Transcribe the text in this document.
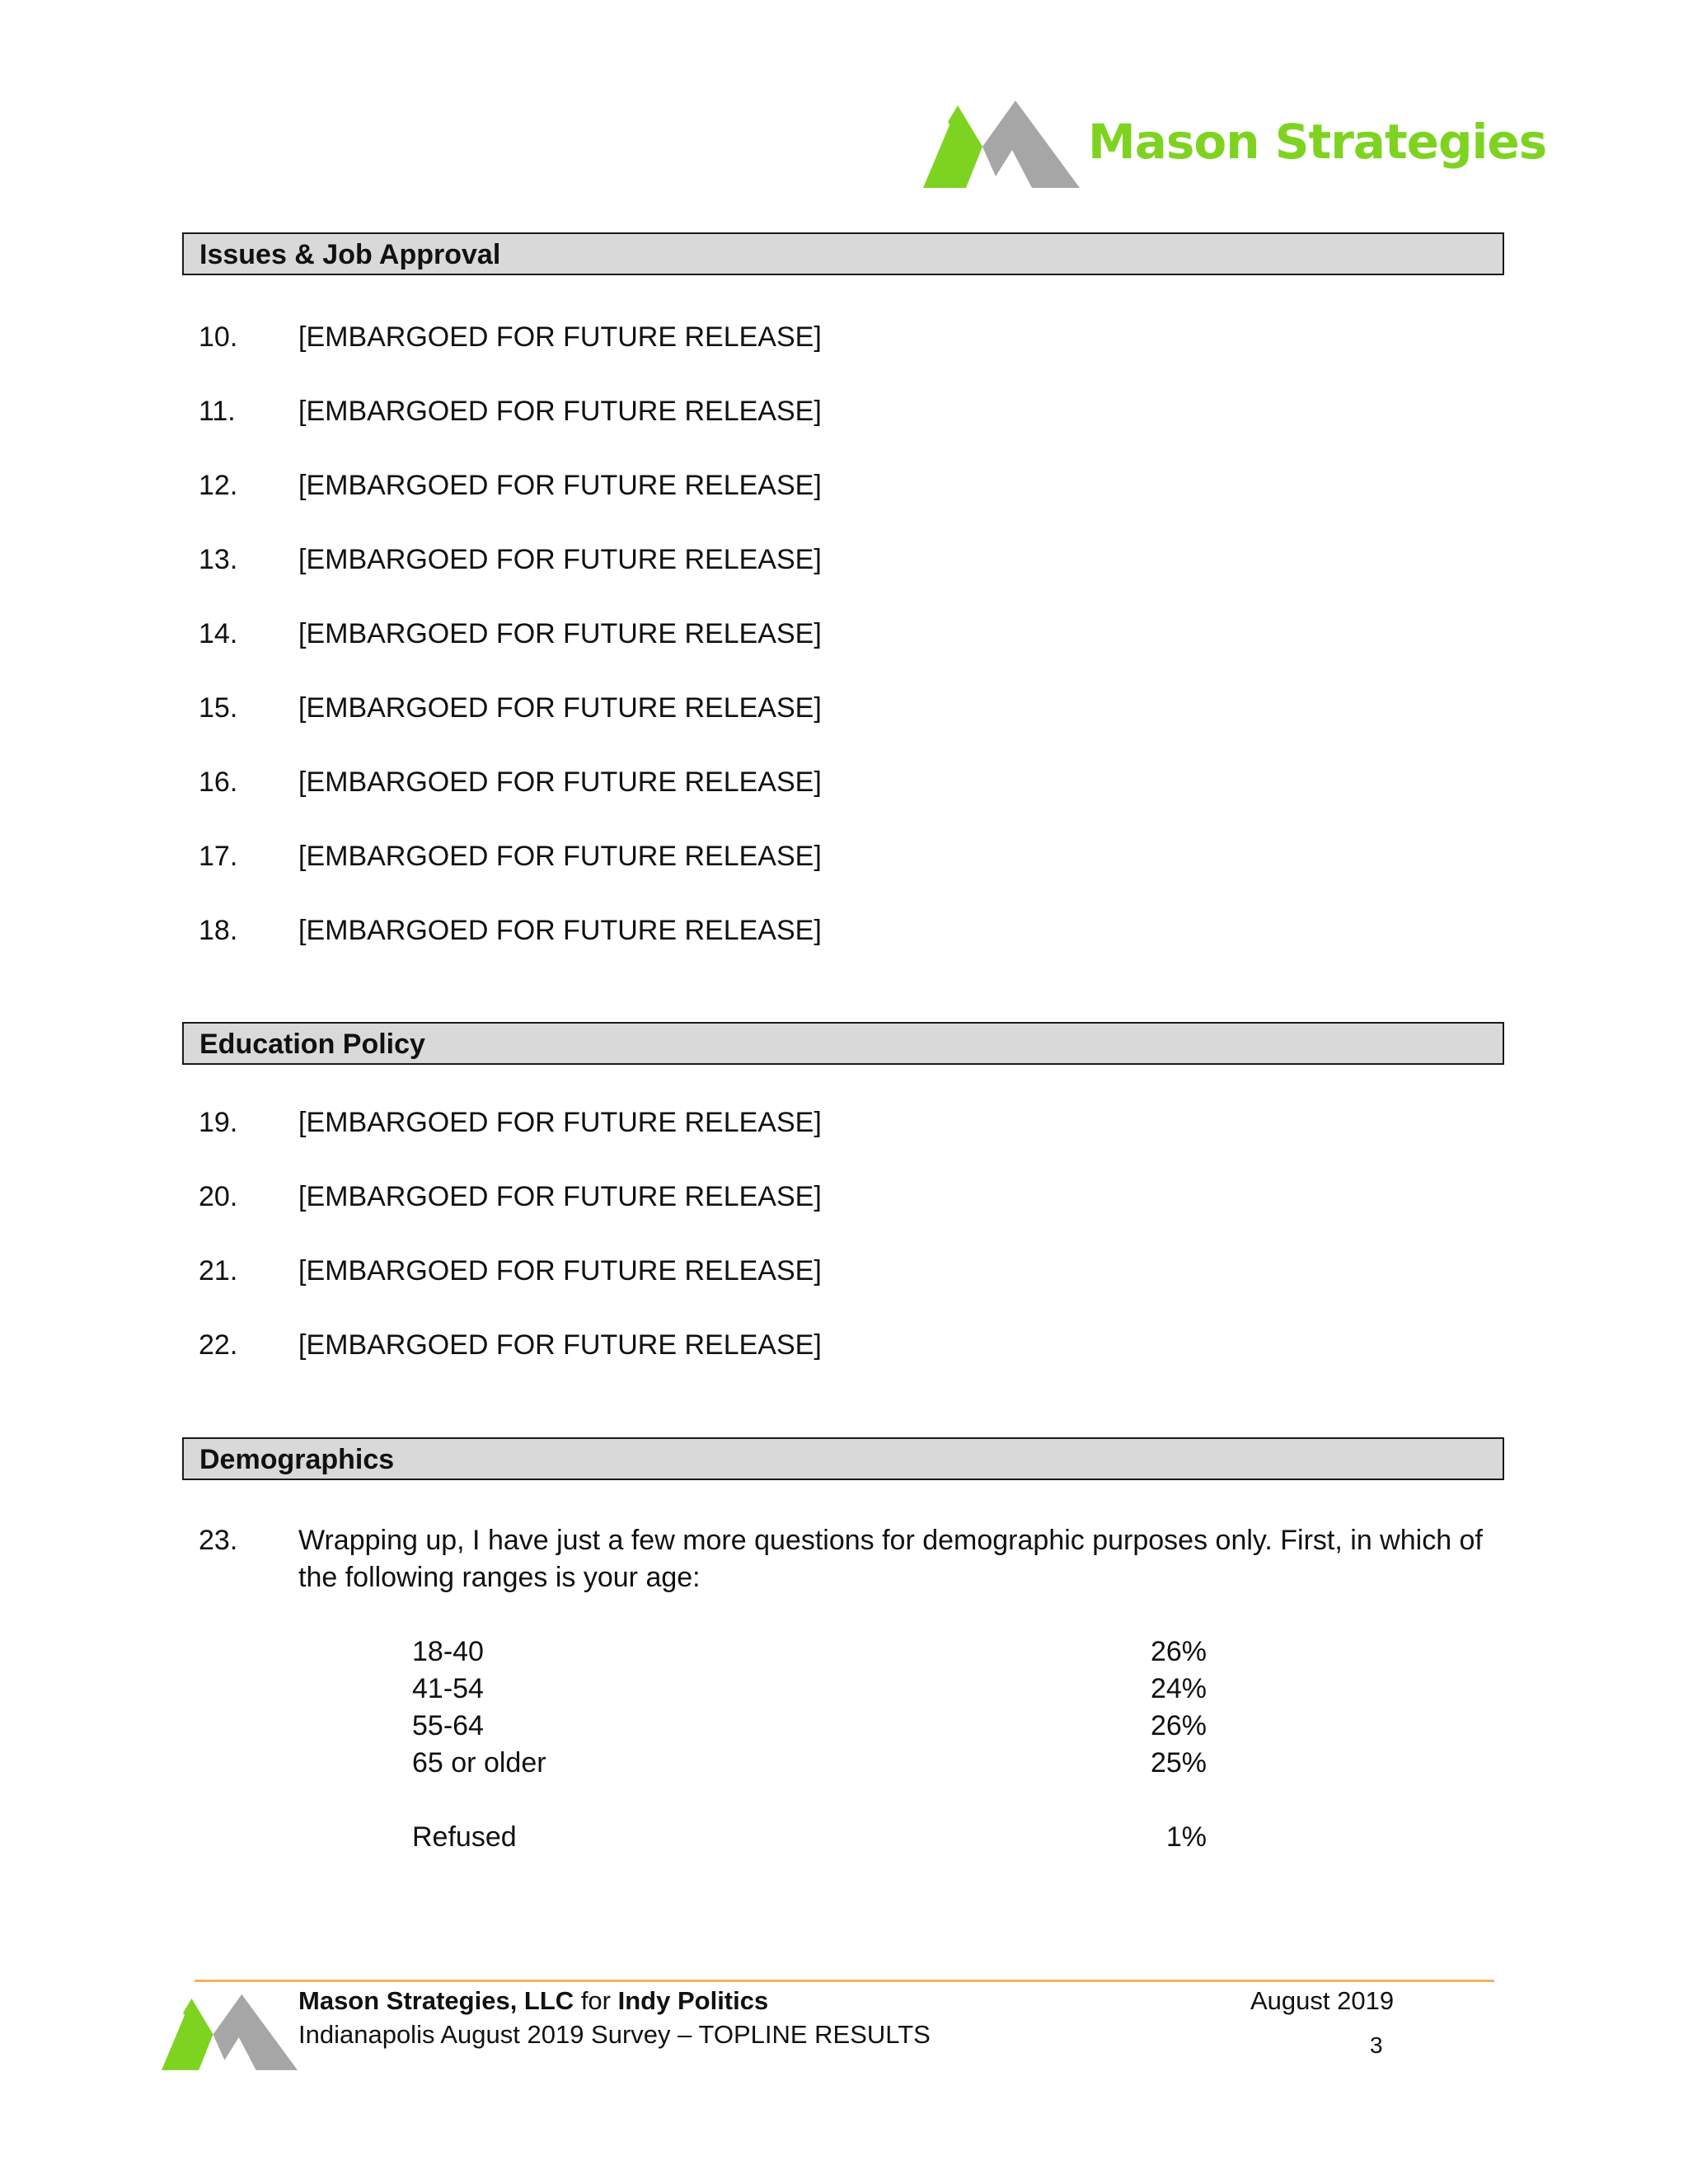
Mason Strategies
Issues & Job Approval
10. [EMBARGOED FOR FUTURE RELEASE]
11. [EMBARGOED FOR FUTURE RELEASE]
12. [EMBARGOED FOR FUTURE RELEASE]
13. [EMBARGOED FOR FUTURE RELEASE]
14. [EMBARGOED FOR FUTURE RELEASE]
15. [EMBARGOED FOR FUTURE RELEASE]
16. [EMBARGOED FOR FUTURE RELEASE]
17. [EMBARGOED FOR FUTURE RELEASE]
18. [EMBARGOED FOR FUTURE RELEASE]
Education Policy
19. [EMBARGOED FOR FUTURE RELEASE]
20. [EMBARGOED FOR FUTURE RELEASE]
21. [EMBARGOED FOR FUTURE RELEASE]
22. [EMBARGOED FOR FUTURE RELEASE]
Demographics
23. Wrapping up, I have just a few more questions for demographic purposes only. First, in which of the following ranges is your age:
18-40	26%
41-54	24%
55-64	26%
65 or older	25%
Refused	1%
Mason Strategies, LLC for Indy Politics
Indianapolis August 2019 Survey – TOPLINE RESULTS
August 2019
3
